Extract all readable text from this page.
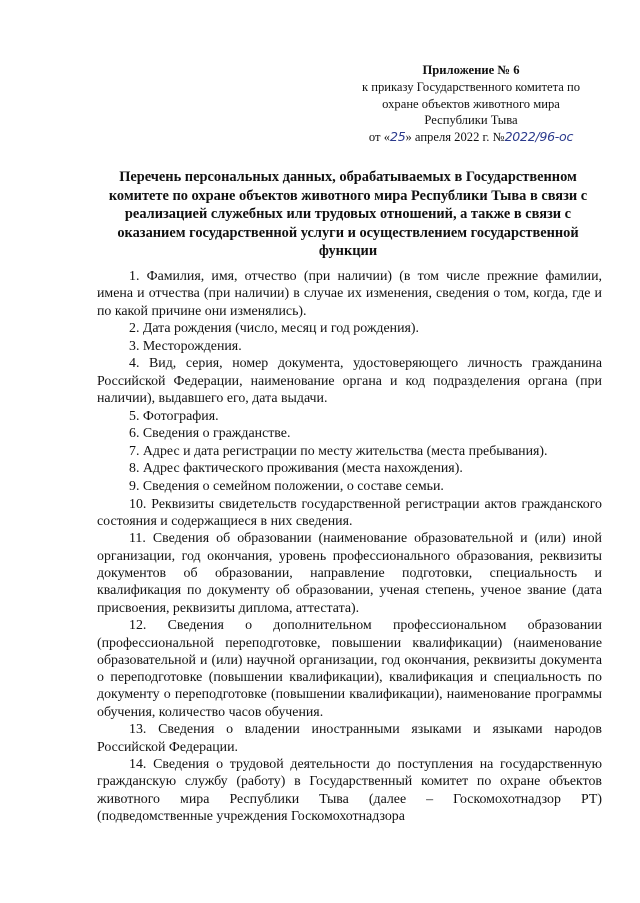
Приложение № 6
к приказу Государственного комитета по
охране объектов животного мира
Республики Тыва
от «25» апреля 2022 г. №2022/96-ос
Перечень персональных данных, обрабатываемых в Государственном комитете по охране объектов животного мира Республики Тыва в связи с реализацией служебных или трудовых отношений, а также в связи с оказанием государственной услуги и осуществлением государственной функции

1. Фамилия, имя, отчество (при наличии) (в том числе прежние фамилии, имена и отчества (при наличии) в случае их изменения, сведения о том, когда, где и по какой причине они изменялись).

2. Дата рождения (число, месяц и год рождения).

3. Месторождения.

4. Вид, серия, номер документа, удостоверяющего личность гражданина Российской Федерации, наименование органа и код подразделения органа (при наличии), выдавшего его, дата выдачи.

5. Фотография.

6. Сведения о гражданстве.

7. Адрес и дата регистрации по месту жительства (места пребывания).

8. Адрес фактического проживания (места нахождения).

9. Сведения о семейном положении, о составе семьи.

10. Реквизиты свидетельств государственной регистрации актов гражданского состояния и содержащиеся в них сведения.

11. Сведения об образовании (наименование образовательной и (или) иной организации, год окончания, уровень профессионального образования, реквизиты документов об образовании, направление подготовки, специальность и квалификация по документу об образовании, ученая степень, ученое звание (дата присвоения, реквизиты диплома, аттестата).

12. Сведения о дополнительном профессиональном образовании (профессиональной переподготовке, повышении квалификации) (наименование образовательной и (или) научной организации, год окончания, реквизиты документа о переподготовке (повышении квалификации), квалификация и специальность по документу о переподготовке (повышении квалификации), наименование программы обучения, количество часов обучения.

13. Сведения о владении иностранными языками и языками народов Российской Федерации.

14. Сведения о трудовой деятельности до поступления на государственную гражданскую службу (работу) в Государственный комитет по охране объектов животного мира Республики Тыва (далее – Госкомохотнадзор РТ) (подведомственные учреждения Госкомохотнадзора
